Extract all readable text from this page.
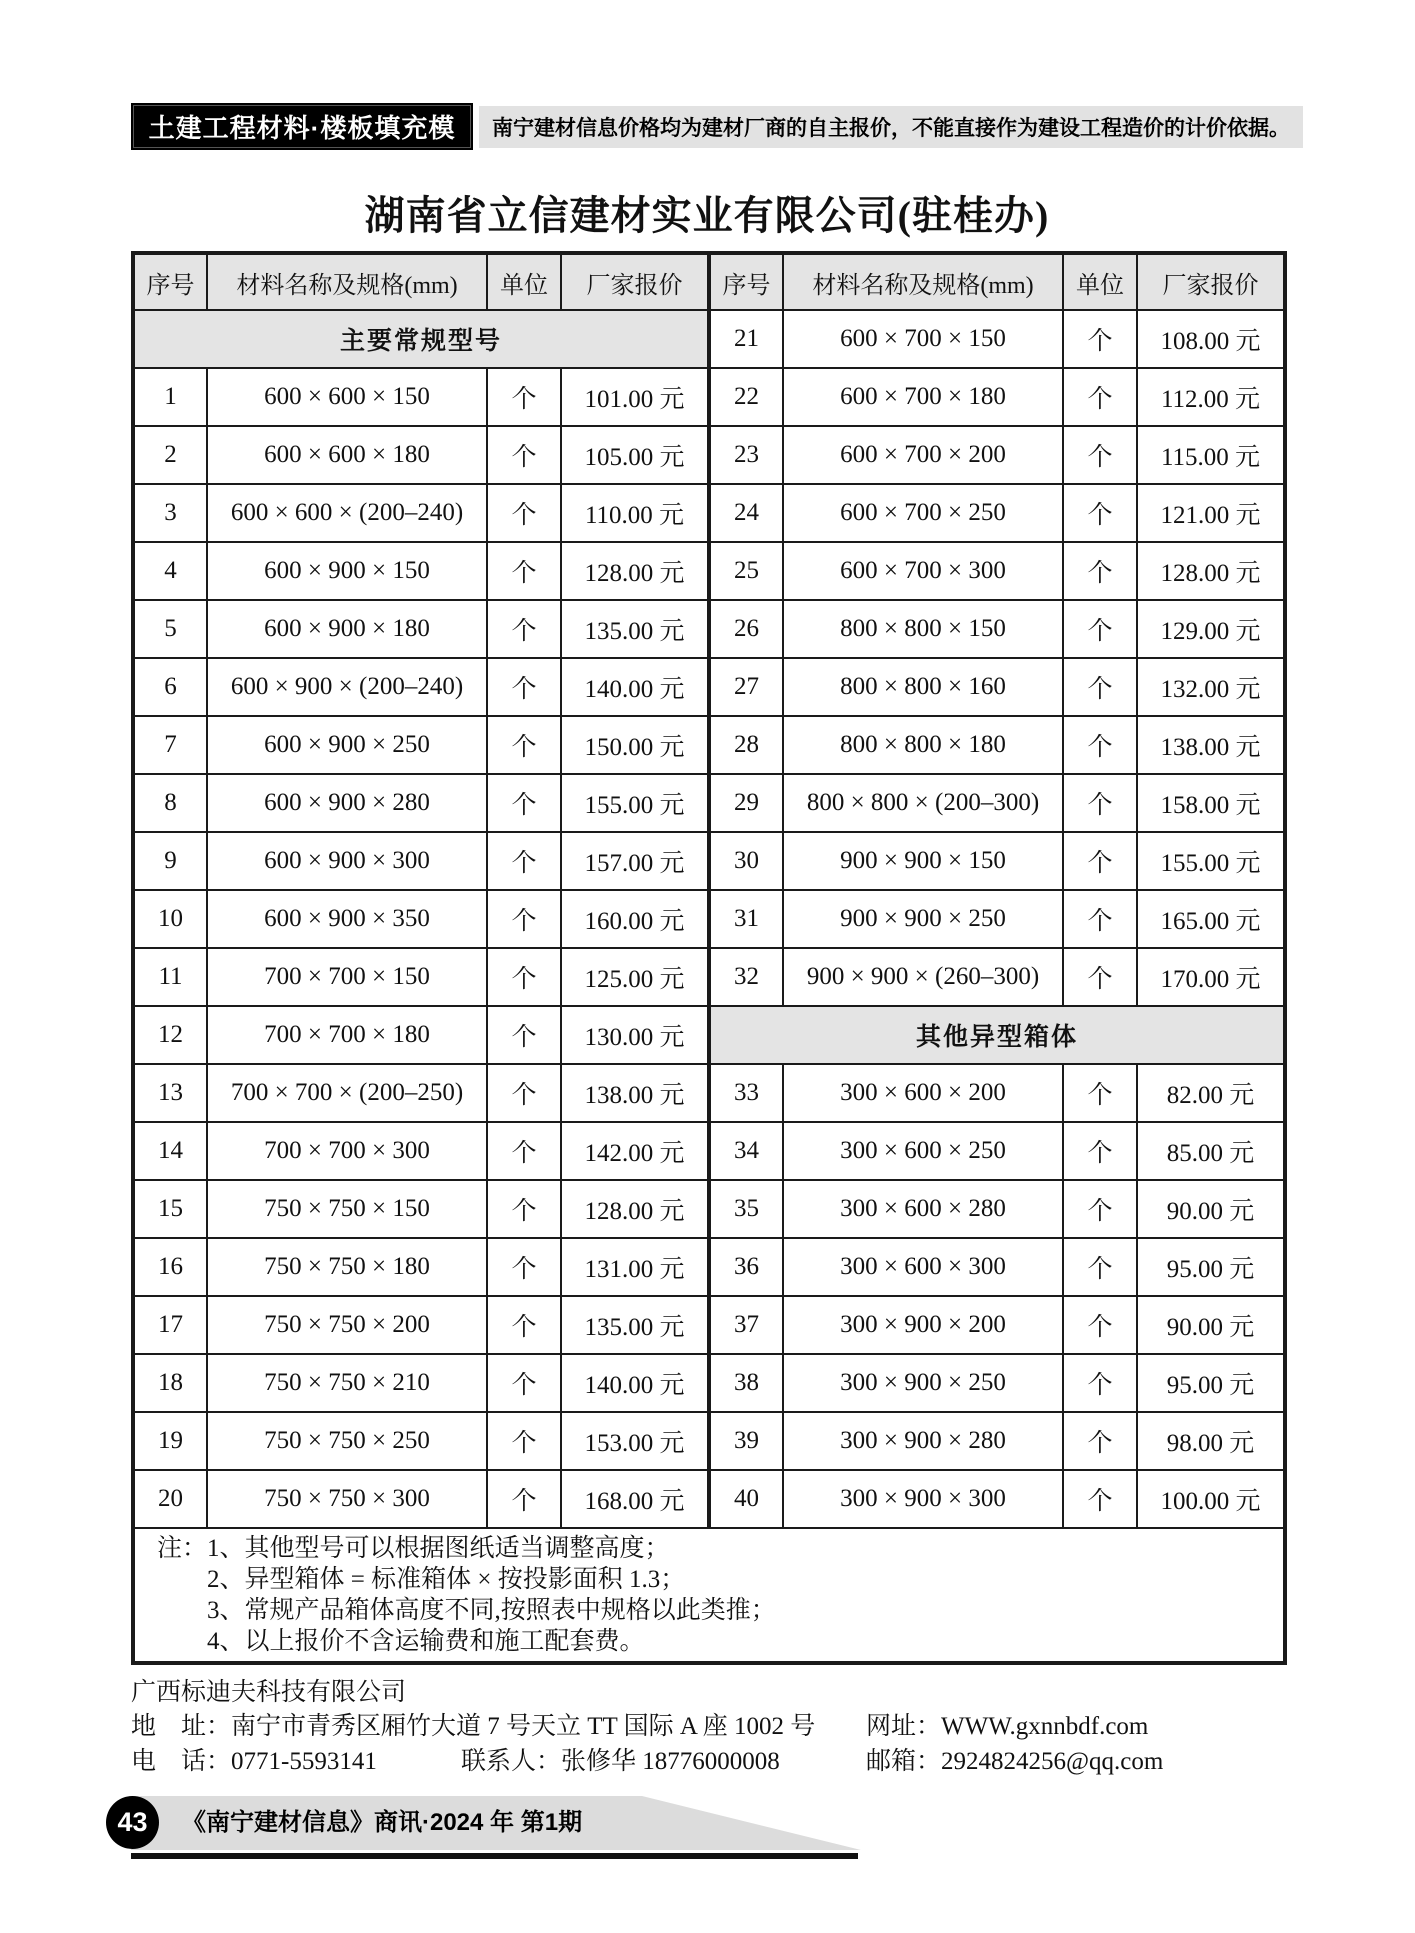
土建工程材料·楼板填充模 南宁建材信息价格均为建材厂商的自主报价，不能直接作为建设工程造价的计价依据。
湖南省立信建材实业有限公司(驻桂办)
序号	材料名称及规格(mm)	单位	厂家报价	序号	材料名称及规格(mm)	单位	厂家报价
主要常规型号				21	600 × 700 × 150	个	108.00 元
1	600 × 600 × 150	个	101.00 元	22	600 × 700 × 180	个	112.00 元
2	600 × 600 × 180	个	105.00 元	23	600 × 700 × 200	个	115.00 元
3	600 × 600 × (200–240)	个	110.00 元	24	600 × 700 × 250	个	121.00 元
4	600 × 900 × 150	个	128.00 元	25	600 × 700 × 300	个	128.00 元
5	600 × 900 × 180	个	135.00 元	26	800 × 800 × 150	个	129.00 元
6	600 × 900 × (200–240)	个	140.00 元	27	800 × 800 × 160	个	132.00 元
7	600 × 900 × 250	个	150.00 元	28	800 × 800 × 180	个	138.00 元
8	600 × 900 × 280	个	155.00 元	29	800 × 800 × (200–300)	个	158.00 元
9	600 × 900 × 300	个	157.00 元	30	900 × 900 × 150	个	155.00 元
10	600 × 900 × 350	个	160.00 元	31	900 × 900 × 250	个	165.00 元
11	700 × 700 × 150	个	125.00 元	32	900 × 900 × (260–300)	个	170.00 元
12	700 × 700 × 180	个	130.00 元	其他异型箱体			
13	700 × 700 × (200–250)	个	138.00 元	33	300 × 600 × 200	个	82.00 元
14	700 × 700 × 300	个	142.00 元	34	300 × 600 × 250	个	85.00 元
15	750 × 750 × 150	个	128.00 元	35	300 × 600 × 280	个	90.00 元
16	750 × 750 × 180	个	131.00 元	36	300 × 600 × 300	个	95.00 元
17	750 × 750 × 200	个	135.00 元	37	300 × 900 × 200	个	90.00 元
18	750 × 750 × 210	个	140.00 元	38	300 × 900 × 250	个	95.00 元
19	750 × 750 × 250	个	153.00 元	39	300 × 900 × 280	个	98.00 元
20	750 × 750 × 300	个	168.00 元	40	300 × 900 × 300	个	100.00 元

注：1、其他型号可以根据图纸适当调整高度；
2、异型箱体 = 标准箱体 × 按投影面积 1.3；
3、常规产品箱体高度不同,按照表中规格以此类推；
4、以上报价不含运输费和施工配套费。							
广西标迪夫科技有限公司
地　址：南宁市青秀区厢竹大道 7 号天立 TT 国际 A 座 1002 号 网址：WWW.gxnnbdf.com
电　话：0771-5593141	联系人：张修华 18776000008	邮箱：2924824256@qq.com
43 《南宁建材信息》商讯·2024 年 第1期
